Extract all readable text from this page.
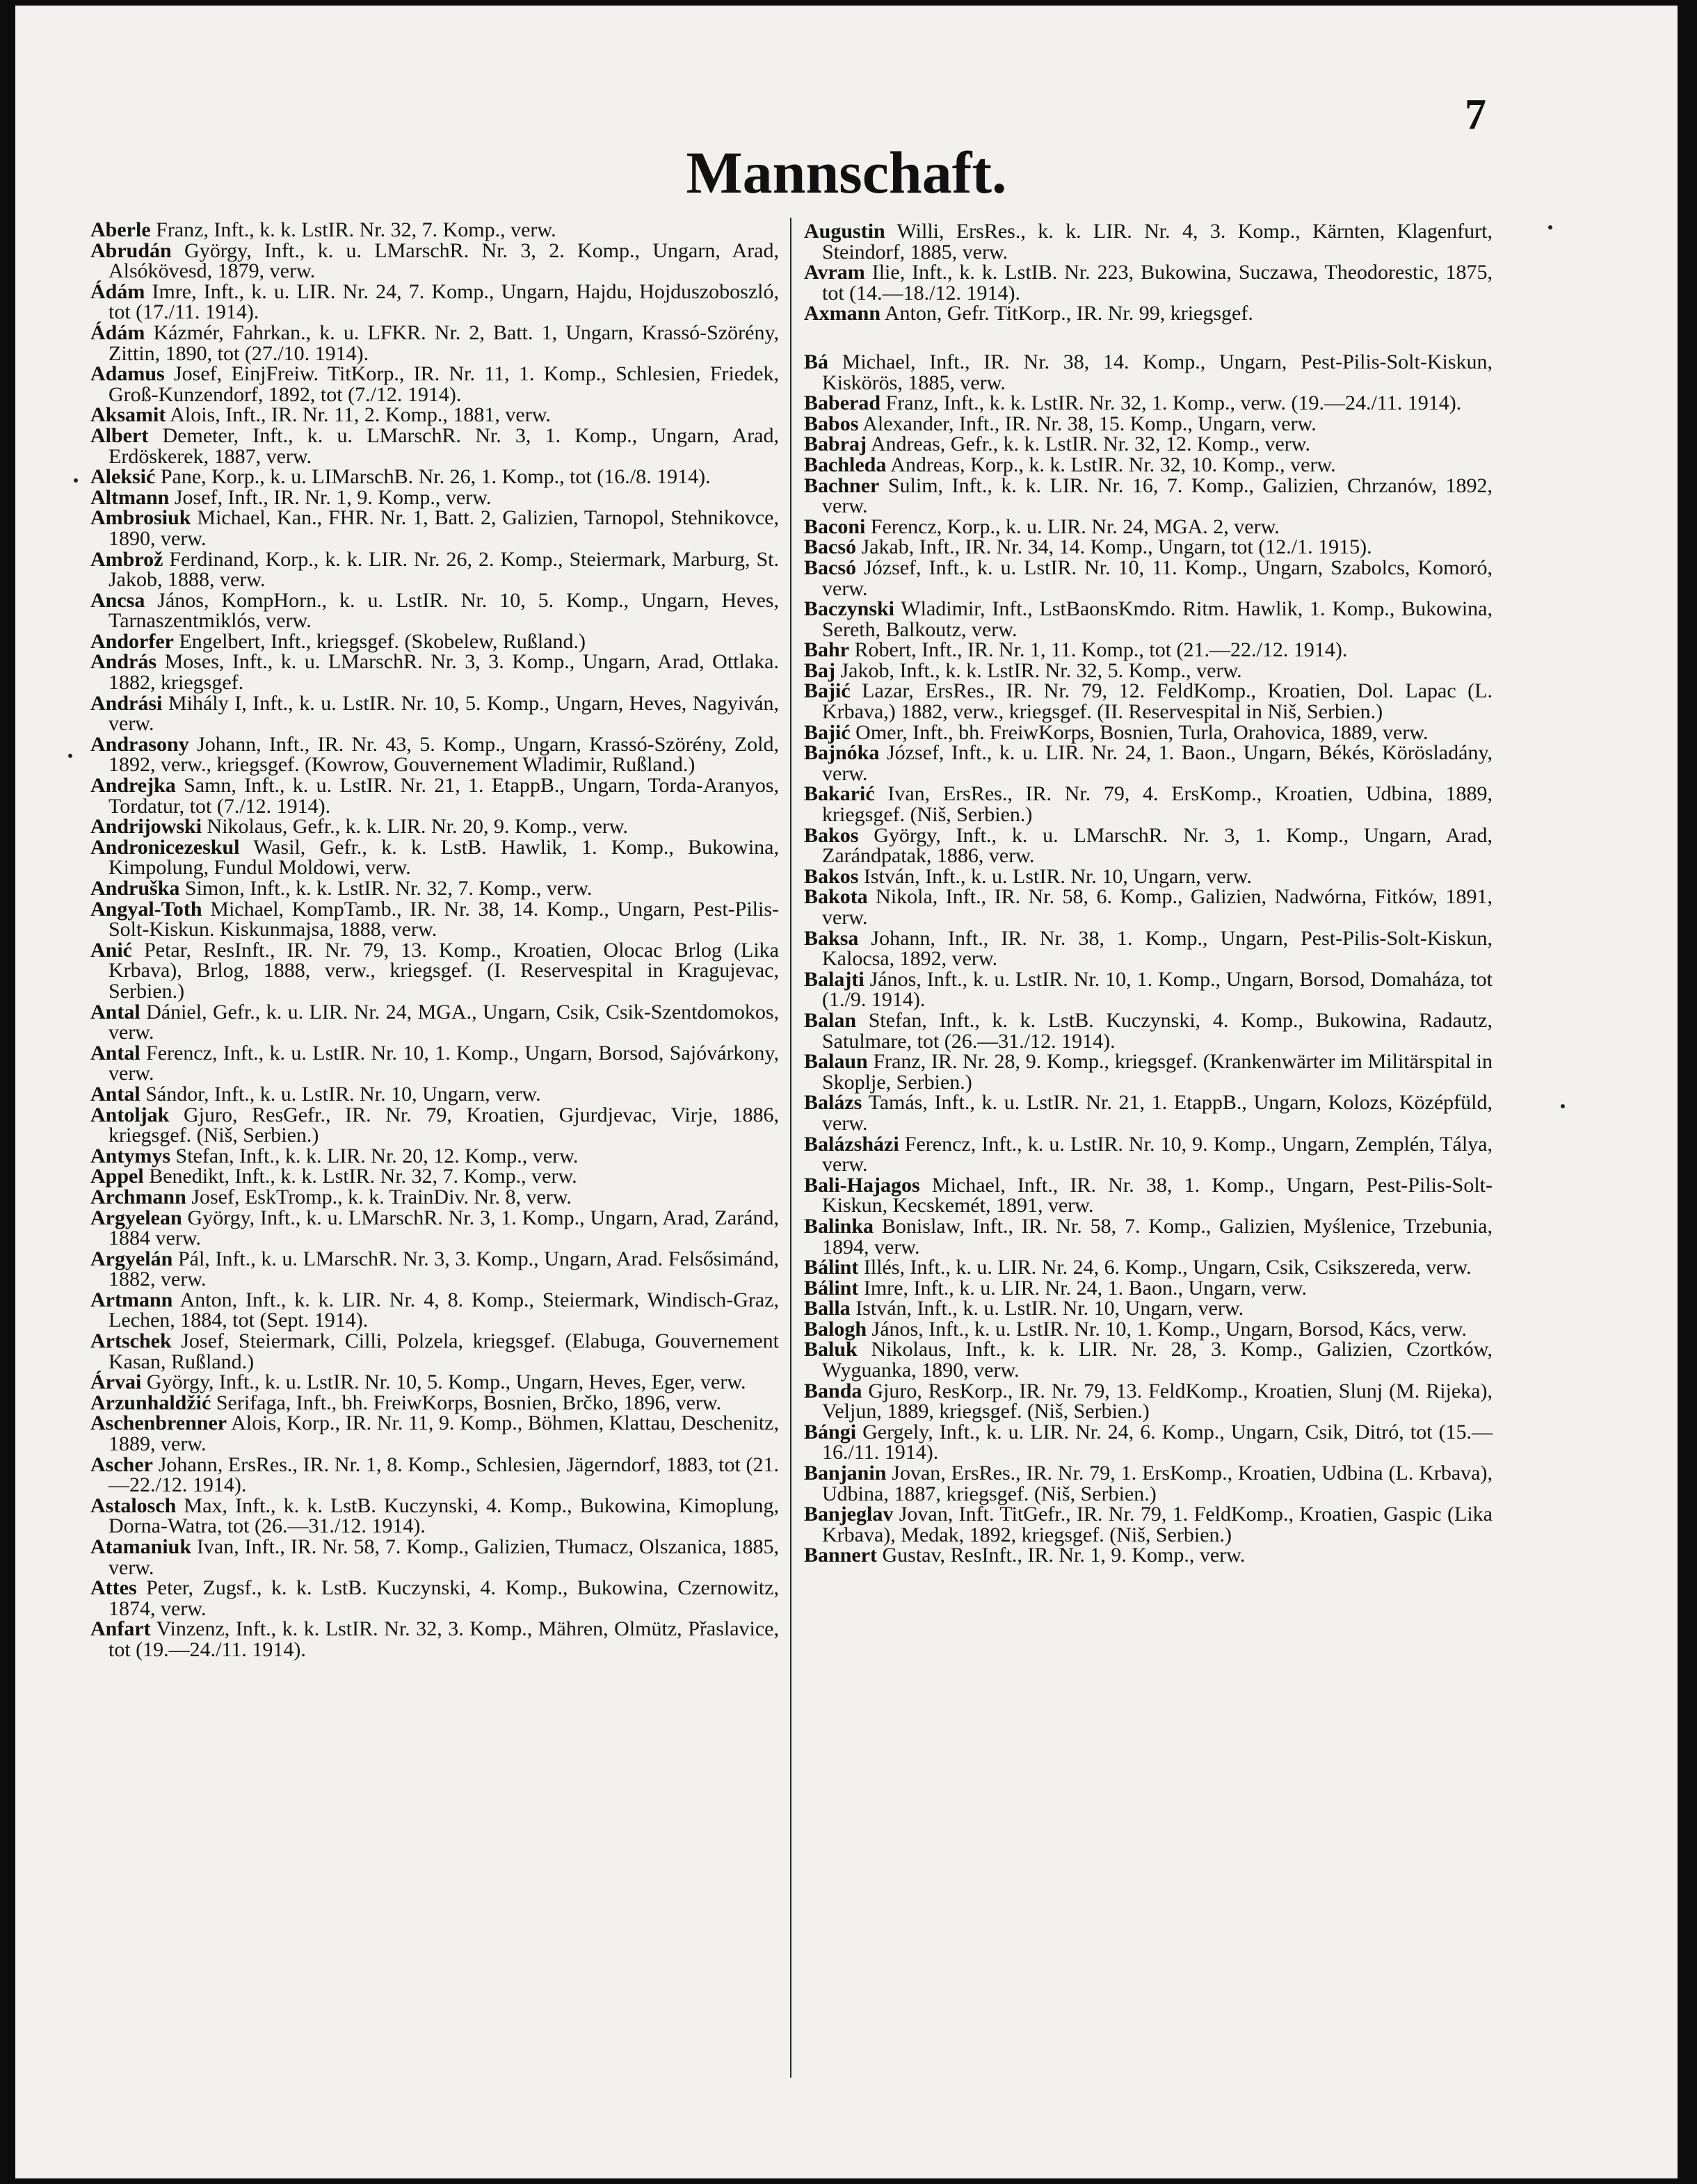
7
Mannschaft.

Aberle Franz, Inft., k. k. LstIR. Nr. 32, 7. Komp., verw.

Abrudán György, Inft., k. u. LMarschR. Nr. 3, 2. Komp., Ungarn, Arad, Alsókövesd, 1879, verw.

Ádám Imre, Inft., k. u. LIR. Nr. 24, 7. Komp., Ungarn, Hajdu, Hojduszoboszló, tot (17./11. 1914).

Ádám Kázmér, Fahrkan., k. u. LFKR. Nr. 2, Batt. 1, Ungarn, Krassó-Szörény, Zittin, 1890, tot (27./10. 1914).

Adamus Josef, EinjFreiw. TitKorp., IR. Nr. 11, 1. Komp., Schlesien, Friedek, Groß-Kunzendorf, 1892, tot (7./12. 1914).

Aksamit Alois, Inft., IR. Nr. 11, 2. Komp., 1881, verw.

Albert Demeter, Inft., k. u. LMarschR. Nr. 3, 1. Komp., Ungarn, Arad, Erdöskerek, 1887, verw.

Aleksić Pane, Korp., k. u. LIMarschB. Nr. 26, 1. Komp., tot (16./8. 1914).

Altmann Josef, Inft., IR. Nr. 1, 9. Komp., verw.

Ambrosiuk Michael, Kan., FHR. Nr. 1, Batt. 2, Galizien, Tarnopol, Stehnikovce, 1890, verw.

Ambrož Ferdinand, Korp., k. k. LIR. Nr. 26, 2. Komp., Steiermark, Marburg, St. Jakob, 1888, verw.

Ancsa János, KompHorn., k. u. LstIR. Nr. 10, 5. Komp., Ungarn, Heves, Tarnaszentmiklós, verw.

Andorfer Engelbert, Inft., kriegsgef. (Skobelew, Rußland.)

András Moses, Inft., k. u. LMarschR. Nr. 3, 3. Komp., Ungarn, Arad, Ottlaka. 1882, kriegsgef.

Andrási Mihály I, Inft., k. u. LstIR. Nr. 10, 5. Komp., Ungarn, Heves, Nagyiván, verw.

Andrasony Johann, Inft., IR. Nr. 43, 5. Komp., Ungarn, Krassó-Szörény, Zold, 1892, verw., kriegsgef. (Kowrow, Gouvernement Wladimir, Rußland.)

Andrejka Samn, Inft., k. u. LstIR. Nr. 21, 1. EtappB., Ungarn, Torda-Aranyos, Tordatur, tot (7./12. 1914).

Andrijowski Nikolaus, Gefr., k. k. LIR. Nr. 20, 9. Komp., verw.

Andronicezeskul Wasil, Gefr., k. k. LstB. Hawlik, 1. Komp., Bukowina, Kimpolung, Fundul Moldowi, verw.

Andruška Simon, Inft., k. k. LstIR. Nr. 32, 7. Komp., verw.

Angyal-Toth Michael, KompTamb., IR. Nr. 38, 14. Komp., Ungarn, Pest-Pilis-Solt-Kiskun. Kiskunmajsa, 1888, verw.

Anić Petar, ResInft., IR. Nr. 79, 13. Komp., Kroatien, Olocac Brlog (Lika Krbava), Brlog, 1888, verw., kriegsgef. (I. Reservespital in Kragujevac, Serbien.)

Antal Dániel, Gefr., k. u. LIR. Nr. 24, MGA., Ungarn, Csik, Csik-Szentdomokos, verw.

Antal Ferencz, Inft., k. u. LstIR. Nr. 10, 1. Komp., Ungarn, Borsod, Sajóvárkony, verw.

Antal Sándor, Inft., k. u. LstIR. Nr. 10, Ungarn, verw.

Antoljak Gjuro, ResGefr., IR. Nr. 79, Kroatien, Gjurdjevac, Virje, 1886, kriegsgef. (Niš, Serbien.)

Antymys Stefan, Inft., k. k. LIR. Nr. 20, 12. Komp., verw.

Appel Benedikt, Inft., k. k. LstIR. Nr. 32, 7. Komp., verw.

Archmann Josef, EskTromp., k. k. TrainDiv. Nr. 8, verw.

Argyelean György, Inft., k. u. LMarschR. Nr. 3, 1. Komp., Ungarn, Arad, Zaránd, 1884 verw.

Argyelán Pál, Inft., k. u. LMarschR. Nr. 3, 3. Komp., Ungarn, Arad. Felsősimánd, 1882, verw.

Artmann Anton, Inft., k. k. LIR. Nr. 4, 8. Komp., Steiermark, Windisch-Graz, Lechen, 1884, tot (Sept. 1914).

Artschek Josef, Steiermark, Cilli, Polzela, kriegsgef. (Elabuga, Gouvernement Kasan, Rußland.)

Árvai György, Inft., k. u. LstIR. Nr. 10, 5. Komp., Ungarn, Heves, Eger, verw.

Arzunhaldžić Serifaga, Inft., bh. FreiwKorps, Bosnien, Brčko, 1896, verw.

Aschenbrenner Alois, Korp., IR. Nr. 11, 9. Komp., Böhmen, Klattau, Deschenitz, 1889, verw.

Ascher Johann, ErsRes., IR. Nr. 1, 8. Komp., Schlesien, Jägerndorf, 1883, tot (21.—22./12. 1914).

Astalosch Max, Inft., k. k. LstB. Kuczynski, 4. Komp., Bukowina, Kimoplung, Dorna-Watra, tot (26.—31./12. 1914).

Atamaniuk Ivan, Inft., IR. Nr. 58, 7. Komp., Galizien, Tłumacz, Olszanica, 1885, verw.

Attes Peter, Zugsf., k. k. LstB. Kuczynski, 4. Komp., Bukowina, Czernowitz, 1874, verw.

Anfart Vinzenz, Inft., k. k. LstIR. Nr. 32, 3. Komp., Mähren, Olmütz, Přaslavice, tot (19.—24./11. 1914).

Augustin Willi, ErsRes., k. k. LIR. Nr. 4, 3. Komp., Kärnten, Klagenfurt, Steindorf, 1885, verw.

Avram Ilie, Inft., k. k. LstIB. Nr. 223, Bukowina, Suczawa, Theodorestic, 1875, tot (14.—18./12. 1914).

Axmann Anton, Gefr. TitKorp., IR. Nr. 99, kriegsgef.

Bá Michael, Inft., IR. Nr. 38, 14. Komp., Ungarn, Pest-Pilis-Solt-Kiskun, Kiskörös, 1885, verw.

Baberad Franz, Inft., k. k. LstIR. Nr. 32, 1. Komp., verw. (19.—24./11. 1914).

Babos Alexander, Inft., IR. Nr. 38, 15. Komp., Ungarn, verw.

Babraj Andreas, Gefr., k. k. LstIR. Nr. 32, 12. Komp., verw.

Bachleda Andreas, Korp., k. k. LstIR. Nr. 32, 10. Komp., verw.

Bachner Sulim, Inft., k. k. LIR. Nr. 16, 7. Komp., Galizien, Chrzanów, 1892, verw.

Baconi Ferencz, Korp., k. u. LIR. Nr. 24, MGA. 2, verw.

Bacsó Jakab, Inft., IR. Nr. 34, 14. Komp., Ungarn, tot (12./1. 1915).

Bacsó József, Inft., k. u. LstIR. Nr. 10, 11. Komp., Ungarn, Szabolcs, Komoró, verw.

Baczynski Wladimir, Inft., LstBaonsKmdo. Ritm. Hawlik, 1. Komp., Bukowina, Sereth, Balkoutz, verw.

Bahr Robert, Inft., IR. Nr. 1, 11. Komp., tot (21.—22./12. 1914).

Baj Jakob, Inft., k. k. LstIR. Nr. 32, 5. Komp., verw.

Bajić Lazar, ErsRes., IR. Nr. 79, 12. FeldKomp., Kroatien, Dol. Lapac (L. Krbava,) 1882, verw., kriegsgef. (II. Reservespital in Niš, Serbien.)

Bajić Omer, Inft., bh. FreiwKorps, Bosnien, Turla, Orahovica, 1889, verw.

Bajnóka József, Inft., k. u. LIR. Nr. 24, 1. Baon., Ungarn, Békés, Körösladány, verw.

Bakarić Ivan, ErsRes., IR. Nr. 79, 4. ErsKomp., Kroatien, Udbina, 1889, kriegsgef. (Niš, Serbien.)

Bakos György, Inft., k. u. LMarschR. Nr. 3, 1. Komp., Ungarn, Arad, Zarándpatak, 1886, verw.

Bakos István, Inft., k. u. LstIR. Nr. 10, Ungarn, verw.

Bakota Nikola, Inft., IR. Nr. 58, 6. Komp., Galizien, Nadwórna, Fitków, 1891, verw.

Baksa Johann, Inft., IR. Nr. 38, 1. Komp., Ungarn, Pest-Pilis-Solt-Kiskun, Kalocsa, 1892, verw.

Balajti János, Inft., k. u. LstIR. Nr. 10, 1. Komp., Ungarn, Borsod, Domaháza, tot (1./9. 1914).

Balan Stefan, Inft., k. k. LstB. Kuczynski, 4. Komp., Bukowina, Radautz, Satulmare, tot (26.—31./12. 1914).

Balaun Franz, IR. Nr. 28, 9. Komp., kriegsgef. (Krankenwärter im Militärspital in Skoplje, Serbien.)

Balázs Tamás, Inft., k. u. LstIR. Nr. 21, 1. EtappB., Ungarn, Kolozs, Középfüld, verw.

Balázsházi Ferencz, Inft., k. u. LstIR. Nr. 10, 9. Komp., Ungarn, Zemplén, Tálya, verw.

Bali-Hajagos Michael, Inft., IR. Nr. 38, 1. Komp., Ungarn, Pest-Pilis-Solt-Kiskun, Kecskemét, 1891, verw.

Balinka Bonislaw, Inft., IR. Nr. 58, 7. Komp., Galizien, Myślenice, Trzebunia, 1894, verw.

Bálint Illés, Inft., k. u. LIR. Nr. 24, 6. Komp., Ungarn, Csik, Csikszereda, verw.

Bálint Imre, Inft., k. u. LIR. Nr. 24, 1. Baon., Ungarn, verw.

Balla István, Inft., k. u. LstIR. Nr. 10, Ungarn, verw.

Balogh János, Inft., k. u. LstIR. Nr. 10, 1. Komp., Ungarn, Borsod, Kács, verw.

Baluk Nikolaus, Inft., k. k. LIR. Nr. 28, 3. Komp., Galizien, Czortków, Wyguanka, 1890, verw.

Banda Gjuro, ResKorp., IR. Nr. 79, 13. FeldKomp., Kroatien, Slunj (M. Rijeka), Veljun, 1889, kriegsgef. (Niš, Serbien.)

Bángi Gergely, Inft., k. u. LIR. Nr. 24, 6. Komp., Ungarn, Csik, Ditró, tot (15.—16./11. 1914).

Banjanin Jovan, ErsRes., IR. Nr. 79, 1. ErsKomp., Kroatien, Udbina (L. Krbava), Udbina, 1887, kriegsgef. (Niš, Serbien.)

Banjeglav Jovan, Inft. TitGefr., IR. Nr. 79, 1. FeldKomp., Kroatien, Gaspic (Lika Krbava), Medak, 1892, kriegsgef. (Niš, Serbien.)

Bannert Gustav, ResInft., IR. Nr. 1, 9. Komp., verw.
